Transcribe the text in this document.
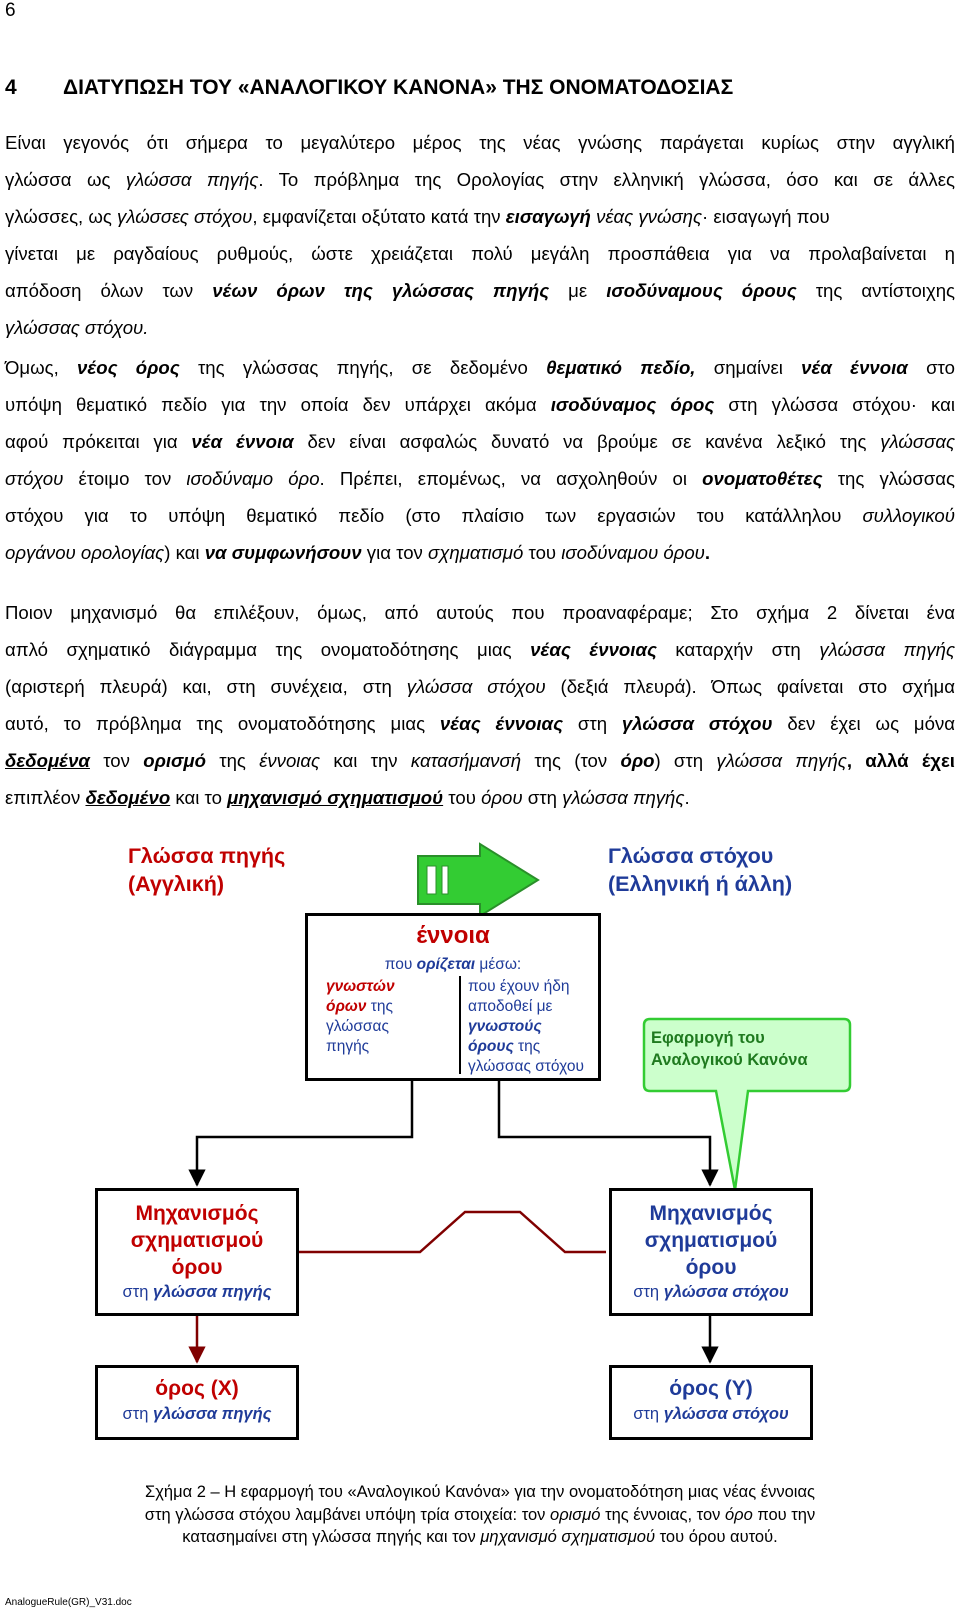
6
4 ΔΙΑΤΥΠΩΣΗ ΤΟΥ «ΑΝΑΛΟΓΙΚΟΥ ΚΑΝΟΝΑ» ΤΗΣ ΟΝΟΜΑΤΟΔΟΣΙΑΣ
Είναι γεγονός ότι σήμερα το μεγαλύτερο μέρος της νέας γνώσης παράγεται κυρίως στην αγγλική
γλώσσα ως γλώσσα πηγής. Το πρόβλημα της Ορολογίας στην ελληνική γλώσσα, όσο και σε άλλες
γλώσσες, ως γλώσσες στόχου, εμφανίζεται οξύτατο κατά την εισαγωγή νέας γνώσης· εισαγωγή που
γίνεται με ραγδαίους ρυθμούς, ώστε χρειάζεται πολύ μεγάλη προσπάθεια για να προλαβαίνεται η
απόδοση όλων των νέων όρων της γλώσσας πηγής με ισοδύναμους όρους της αντίστοιχης
γλώσσας στόχου.
Όμως, νέος όρος της γλώσσας πηγής, σε δεδομένο θεματικό πεδίο, σημαίνει νέα έννοια στο
υπόψη θεματικό πεδίο για την οποία δεν υπάρχει ακόμα ισοδύναμος όρος στη γλώσσα στόχου· και
αφού πρόκειται για νέα έννοια δεν είναι ασφαλώς δυνατό να βρούμε σε κανένα λεξικό της γλώσσας
στόχου έτοιμο τον ισοδύναμο όρο. Πρέπει, επομένως, να ασχοληθούν οι ονοματοθέτες της γλώσσας
στόχου για το υπόψη θεματικό πεδίο (στο πλαίσιο των εργασιών του κατάλληλου συλλογικού
οργάνου ορολογίας) και να συμφωνήσουν για τον σχηματισμό του ισοδύναμου όρου.
Ποιον μηχανισμό θα επιλέξουν, όμως, από αυτούς που προαναφέραμε; Στο σχήμα 2 δίνεται ένα
απλό σχηματικό διάγραμμα της ονοματοδότησης μιας νέας έννοιας καταρχήν στη γλώσσα πηγής
(αριστερή πλευρά) και, στη συνέχεια, στη γλώσσα στόχου (δεξιά πλευρά). Όπως φαίνεται στο σχήμα
αυτό, το πρόβλημα της ονοματοδότησης μιας νέας έννοιας στη γλώσσα στόχου δεν έχει ως μόνα
δεδομένα τον ορισμό της έννοιας και την κατασήμανσή της (τον όρο) στη γλώσσα πηγής, αλλά έχει
επιπλέον δεδομένο και το μηχανισμό σχηματισμού του όρου στη γλώσσα πηγής.
Γλώσσα πηγής
(Αγγλική)
Γλώσσα στόχου
(Ελληνική ή άλλη)
έννοια
που ορίζεται μέσω:
γνωστών
όρων της
γλώσσας
πηγής
που έχουν ήδη
αποδοθεί με
γνωστούς
όρους της
γλώσσας στόχου
Εφαρμογή του
Αναλογικού Κανόνα
Μηχανισμός
σχηματισμού
όρου
στη γλώσσα πηγής
Μηχανισμός
σχηματισμού
όρου
στη γλώσσα στόχου
όρος (Χ)
στη γλώσσα πηγής
όρος (Υ)
στη γλώσσα στόχου
Σχήμα 2 – Η εφαρμογή του «Αναλογικού Κανόνα» για την ονοματοδότηση μιας νέας έννοιας
στη γλώσσα στόχου λαμβάνει υπόψη τρία στοιχεία: τον ορισμό της έννοιας, τον όρο που την
κατασημαίνει στη γλώσσα πηγής και τον μηχανισμό σχηματισμού του όρου αυτού.
AnalogueRule(GR)_V31.doc
